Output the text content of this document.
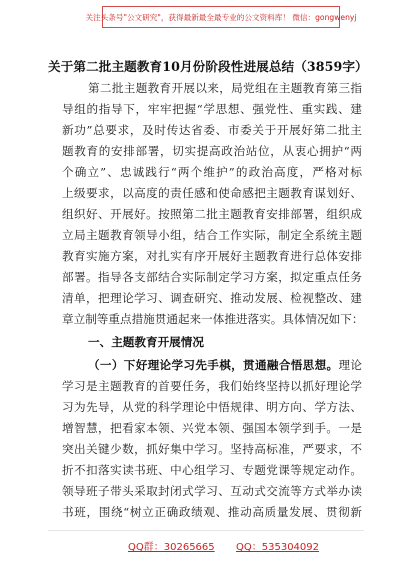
关注头条号"公文研究"，获得最新最全最专业的公文资料库！ 微信：gongwenyj
关于第二批主题教育10月份阶段性进展总结（3859字）
第二批主题教育开展以来，局党组在主题教育第三指
导组的指导下，牢牢把握“学思想、强党性、重实践、建
新功”总要求，及时传达省委、市委关于开展好第二批主
题教育的安排部署，切实提高政治站位，从衷心拥护“两
个确立”、忠诚践行“两个维护”的政治高度，严格对标
上级要求，以高度的责任感和使命感把主题教育谋划好、
组织好、开展好。按照第二批主题教育安排部署，组织成
立局主题教育领导小组，结合工作实际，制定全系统主题
教育实施方案，对扎实有序开展好主题教育进行总体安排
部署。指导各支部结合实际制定学习方案，拟定重点任务
清单，把理论学习、调查研究、推动发展、检视整改、建
章立制等重点措施贯通起来一体推进落实。具体情况如下：
一、主题教育开展情况
（一）下好理论学习先手棋，贯通融合悟思想。理论
学习是主题教育的首要任务，我们始终坚持以抓好理论学
习为先导，从党的科学理论中悟规律、明方向、学方法、
增智慧，把看家本领、兴党本领、强国本领学到手。一是
突出关键少数，抓好集中学习。坚持高标准，严要求，不
折不扣落实读书班、中心组学习、专题党课等规定动作。
领导班子带头采取封闭式学习、互动式交流等方式举办读
书班，围绕“树立正确政绩观、推动高质量发展、贯彻新
QQ群：30265665 QQ：535304092
